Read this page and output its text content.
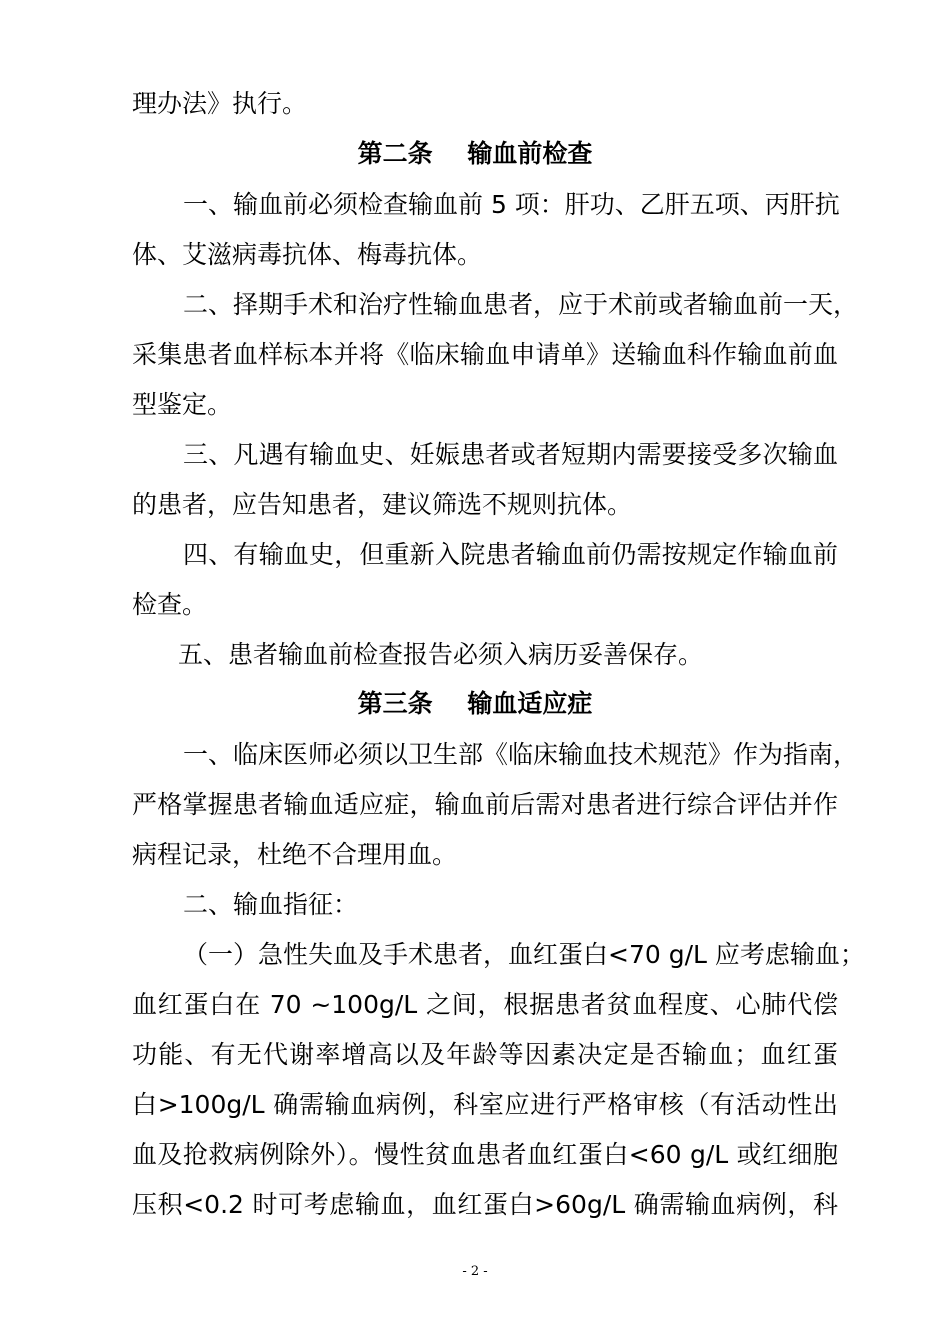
理办法》执行。
第二条    输血前检查
一、输血前必须检查输血前 5 项：肝功、乙肝五项、丙肝抗
体、艾滋病毒抗体、梅毒抗体。
二、择期手术和治疗性输血患者，应于术前或者输血前一天，
采集患者血样标本并将《临床输血申请单》送输血科作输血前血
型鉴定。
三、凡遇有输血史、妊娠患者或者短期内需要接受多次输血
的患者，应告知患者，建议筛选不规则抗体。
四、有输血史，但重新入院患者输血前仍需按规定作输血前
检查。
五、患者输血前检查报告必须入病历妥善保存。
第三条    输血适应症
一、临床医师必须以卫生部《临床输血技术规范》作为指南，
严格掌握患者输血适应症，输血前后需对患者进行综合评估并作
病程记录，杜绝不合理用血。
二、输血指征：
（一）急性失血及手术患者，血红蛋白<70 g/L 应考虑输血；
血红蛋白在 70 ~100g/L 之间，根据患者贫血程度、心肺代偿
功能、有无代谢率增高以及年龄等因素决定是否输血；血红蛋
白>100g/L 确需输血病例，科室应进行严格审核（有活动性出
血及抢救病例除外）。慢性贫血患者血红蛋白<60 g/L 或红细胞
压积<0.2 时可考虑输血，血红蛋白>60g/L 确需输血病例，科
- 2 -
